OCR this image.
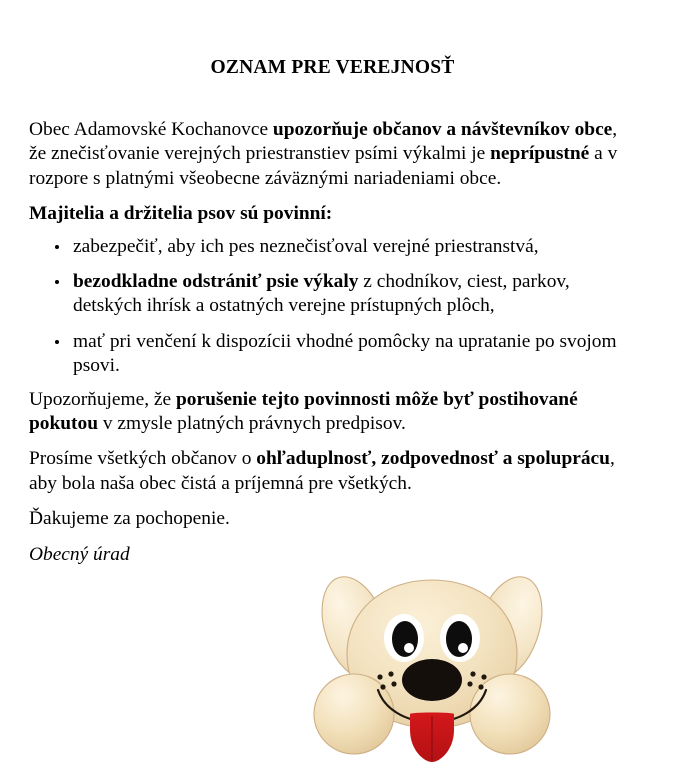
OZNAM PRE VEREJNOSŤ

Obec Adamovské Kochanovce upozorňuje občanov a návštevníkov obce, že znečisťovanie verejných priestranstiev psími výkalmi je neprípustné a v rozpore s platnými všeobecne záväznými nariadeniami obce.

Majitelia a držitelia psov sú povinní:

zabezpečiť, aby ich pes neznečisťoval verejné priestranstvá,
bezodkladne odstrániť psie výkaly z chodníkov, ciest, parkov, detských ihrísk a ostatných verejne prístupných plôch,
mať pri venčení k dispozícii vhodné pomôcky na upratanie po svojom psovi.

Upozorňujeme, že porušenie tejto povinnosti môže byť postihované pokutou v zmysle platných právnych predpisov.

Prosíme všetkých občanov o ohľaduplnosť, zodpovednosť a spoluprácu, aby bola naša obec čistá a príjemná pre všetkých.

Ďakujeme za pochopenie.

Obecný úrad
